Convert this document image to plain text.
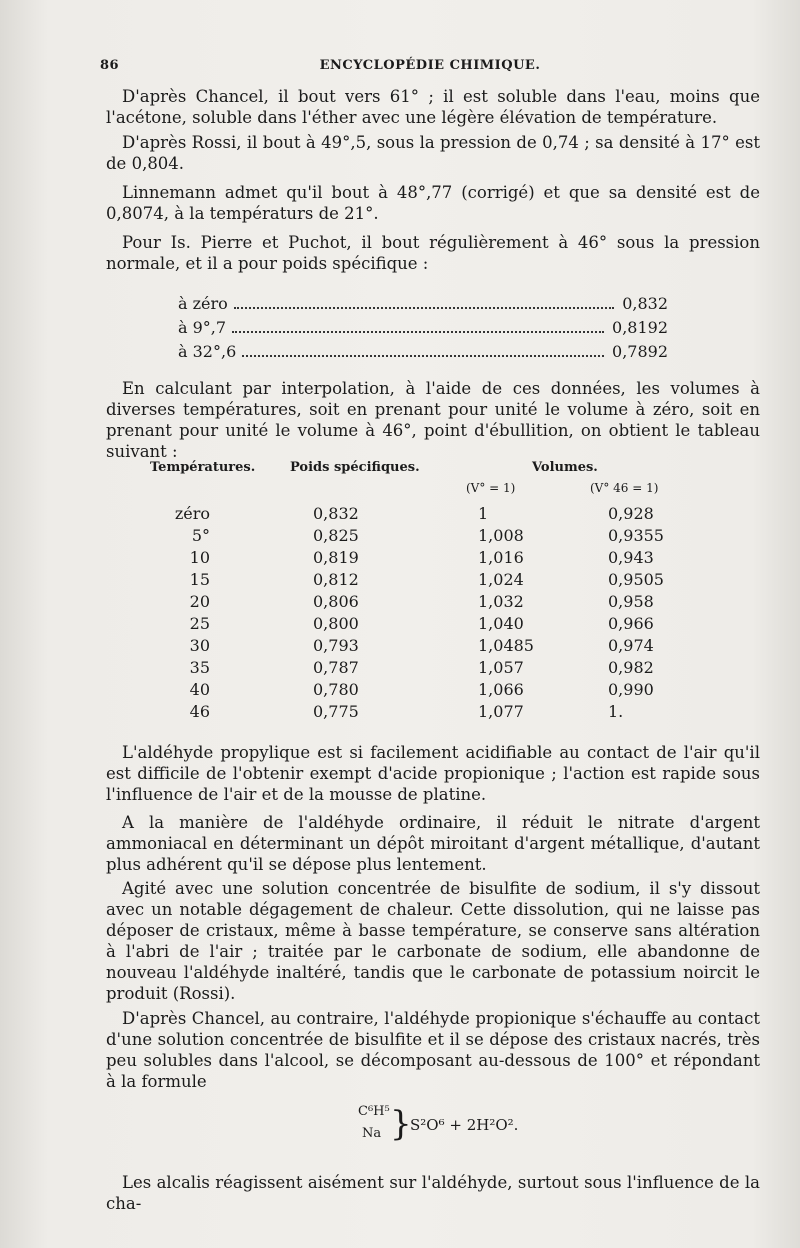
86	ENCYCLOPÉDIE CHIMIQUE.

D'après Chancel, il bout vers 61° ; il est soluble dans l'eau, moins que l'acétone, soluble dans l'éther avec une légère élévation de température.

D'après Rossi, il bout à 49°,5, sous la pression de 0,74 ; sa densité à 17° est de 0,804.

Linnemann admet qu'il bout à 48°,77 (corrigé) et que sa densité est de 0,8074, à la températurs de 21°.

Pour Is. Pierre et Puchot, il bout régulièrement à 46° sous la pression normale, et il a pour poids spécifique :

à zéro	0,832
à 9°,7	0,8192
à 32°,6	0,7892

En calculant par interpolation, à l'aide de ces données, les volumes à diverses températures, soit en prenant pour unité le volume à zéro, soit en prenant pour unité le volume à 46°, point d'ébullition, on obtient le tableau suivant :

Températures.	Poids spécifiques.	Volumes.
(V° = 1)	(V° 46 = 1)
zéro	0,832	1	0,928
5°	0,825	1,008	0,9355
10	0,819	1,016	0,943
15	0,812	1,024	0,9505
20	0,806	1,032	0,958
25	0,800	1,040	0,966
30	0,793	1,0485	0,974
35	0,787	1,057	0,982
40	0,780	1,066	0,990
46	0,775	1,077	1.

L'aldéhyde propylique est si facilement acidifiable au contact de l'air qu'il est difficile de l'obtenir exempt d'acide propionique ; l'action est rapide sous l'influence de l'air et de la mousse de platine.

A la manière de l'aldéhyde ordinaire, il réduit le nitrate d'argent ammoniacal en déterminant un dépôt miroitant d'argent métallique, d'autant plus adhérent qu'il se dépose plus lentement.

Agité avec une solution concentrée de bisulfite de sodium, il s'y dissout avec un notable dégagement de chaleur. Cette dissolution, qui ne laisse pas déposer de cristaux, même à basse température, se conserve sans altération à l'abri de l'air ; traitée par le carbonate de sodium, elle abandonne de nouveau l'aldéhyde inaltéré, tandis que le carbonate de potassium noircit le produit (Rossi).

D'après Chancel, au contraire, l'aldéhyde propionique s'échauffe au contact d'une solution concentrée de bisulfite et il se dépose des cristaux nacrés, très peu solubles dans l'alcool, se décomposant au-dessous de 100° et répondant à la formule

C⁶H⁵
Na }
S²O⁶ + 2H²O².

Les alcalis réagissent aisément sur l'aldéhyde, surtout sous l'influence de la cha-
